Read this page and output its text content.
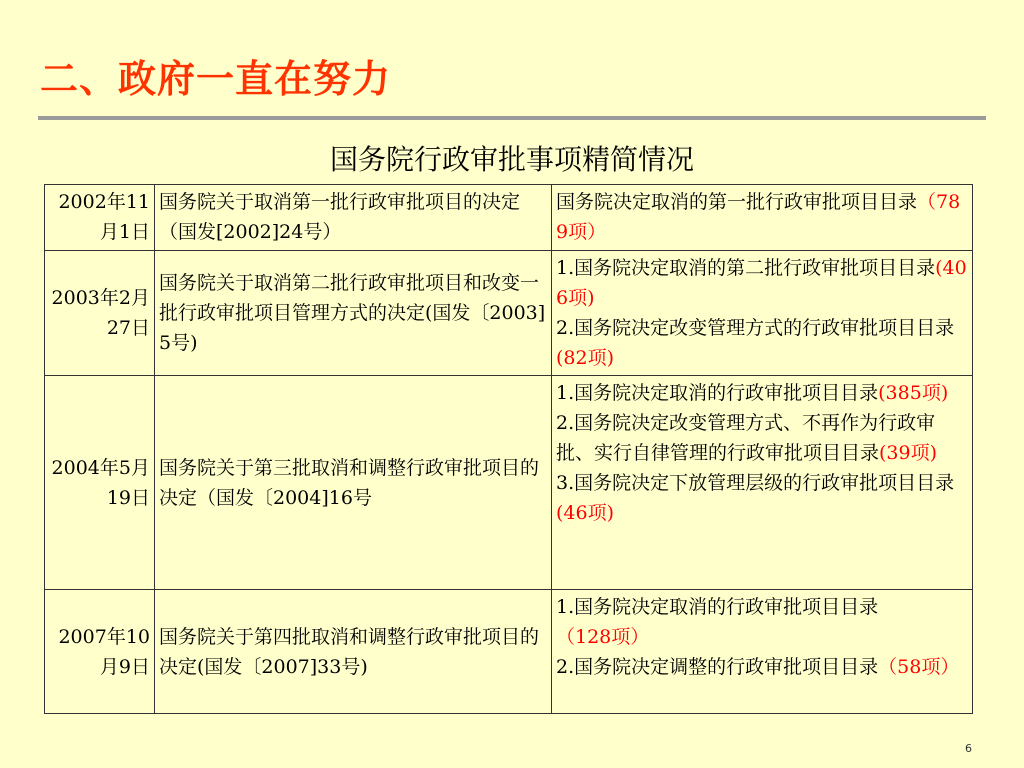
二、政府一直在努力
国务院行政审批事项精简情况
2002年11月1日	国务院关于取消第一批行政审批项目的决定（国发[2002]24号）	国务院决定取消的第一批行政审批项目目录（789项）

2003年2月27日	国务院关于取消第二批行政审批项目和改变一批行政审批项目管理方式的决定(国发〔2003]5号)	1.国务院决定取消的第二批行政审批项目目录(406项)
2.国务院决定改变管理方式的行政审批项目目录(82项)

2004年5月19日	国务院关于第三批取消和调整行政审批项目的决定（国发〔2004]16号	1.国务院决定取消的行政审批项目目录(385项)
2.国务院决定改变管理方式、不再作为行政审批、实行自律管理的行政审批项目目录(39项)
3.国务院决定下放管理层级的行政审批项目目录(46项)

2007年10月9日	国务院关于第四批取消和调整行政审批项目的决定(国发〔2007]33号)	1.国务院决定取消的行政审批项目目录（128项）
2.国务院决定调整的行政审批项目目录（58项）
6
